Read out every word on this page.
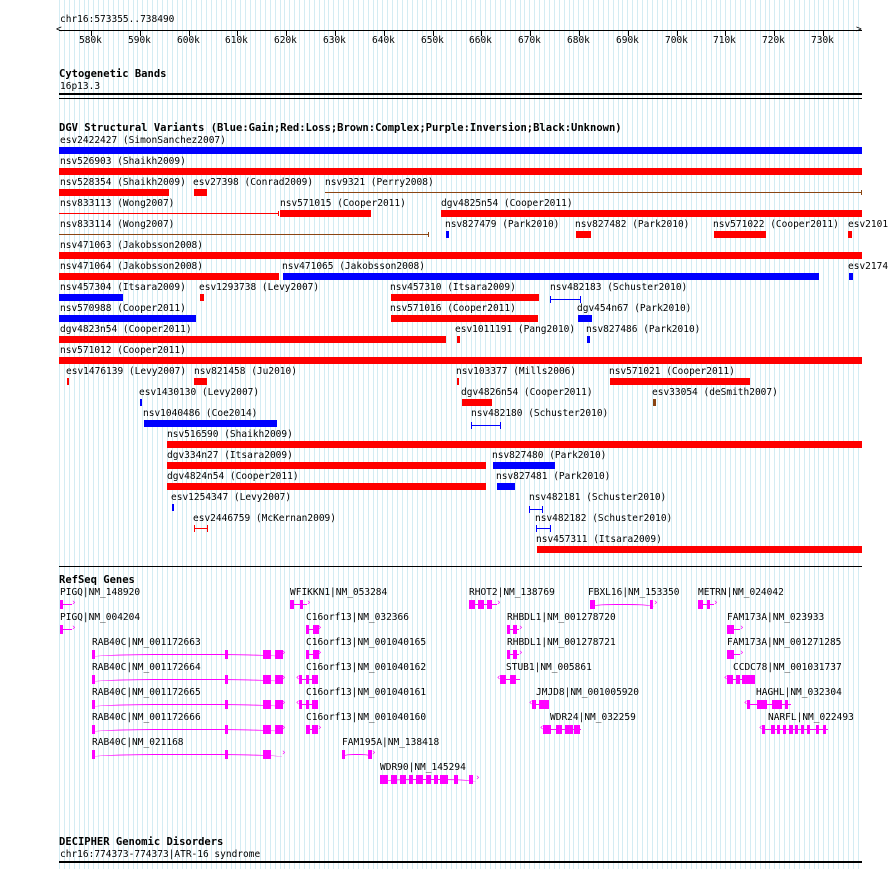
chr16:573355..738490
<	>
580k	590k	600k	610k	620k	630k	640k	650k	660k	670k	680k	690k	700k	710k	720k	730k
Cytogenetic Bands
16p13.3
DGV Structural Variants (Blue:Gain;Red:Loss;Brown:Complex;Purple:Inversion;Black:Unknown)
esv2422427 (SimonSanchez2007)
nsv526903 (Shaikh2009)
nsv528354 (Shaikh2009) esv27398 (Conrad2009) nsv9321 (Perry2008)
nsv833113 (Wong2007)	nsv571015 (Cooper2011)	dgv4825n54 (Cooper2011)
nsv833114 (Wong2007)	nsv827479 (Park2010) nsv827482 (Park2010) nsv571022 (Cooper2011) esv2101
nsv471063 (Jakobsson2008)
nsv471064 (Jakobsson2008)	nsv471065 (Jakobsson2008)	esv2174
nsv457304 (Itsara2009) esv1293738 (Levy2007)	nsv457310 (Itsara2009)	nsv482183 (Schuster2010)
nsv570988 (Cooper2011)	nsv571016 (Cooper2011)	dgv454n67 (Park2010)
dgv4823n54 (Cooper2011)	esv1011191 (Pang2010) nsv827486 (Park2010)
nsv571012 (Cooper2011)
esv1476139 (Levy2007) nsv821458 (Ju2010)	nsv103377 (Mills2006)	nsv571021 (Cooper2011)
esv1430130 (Levy2007)	dgv4826n54 (Cooper2011)	esv33054 (deSmith2007)
nsv1040486 (Coe2014)	nsv482180 (Schuster2010)
nsv516590 (Shaikh2009)
dgv334n27 (Itsara2009)	nsv827480 (Park2010)
dgv4824n54 (Cooper2011)	nsv827481 (Park2010)
esv1254347 (Levy2007)	nsv482181 (Schuster2010)
esv2446759 (McKernan2009)	nsv482182 (Schuster2010)
nsv457311 (Itsara2009)
RefSeq Genes
PIGQ|NM_148920
›
PIGQ|NM_004204
›
WFIKKN1|NM_053284
›
C16orf13|NM_032366
›
RHOT2|NM_138769
›
FBXL16|NM_153350
›
METRN|NM_024042
›
RHBDL1|NM_001278720
›
FAM173A|NM_023933
›
RAB40C|NM_001172663
›
C16orf13|NM_001040165
›
RHBDL1|NM_001278721
›
FAM173A|NM_001271285
›
RAB40C|NM_001172664
›
C16orf13|NM_001040162
‹
STUB1|NM_005861
‹
CCDC78|NM_001031737
‹
RAB40C|NM_001172665
›
C16orf13|NM_001040161
‹
JMJD8|NM_001005920
‹
HAGHL|NM_032304
‹
RAB40C|NM_001172666
›
C16orf13|NM_001040160
›
WDR24|NM_032259
‹
NARFL|NM_022493
‹
RAB40C|NM_021168
›
FAM195A|NM_138418
›
WDR90|NM_145294
›
DECIPHER Genomic Disorders
chr16:774373-774373|ATR-16 syndrome
